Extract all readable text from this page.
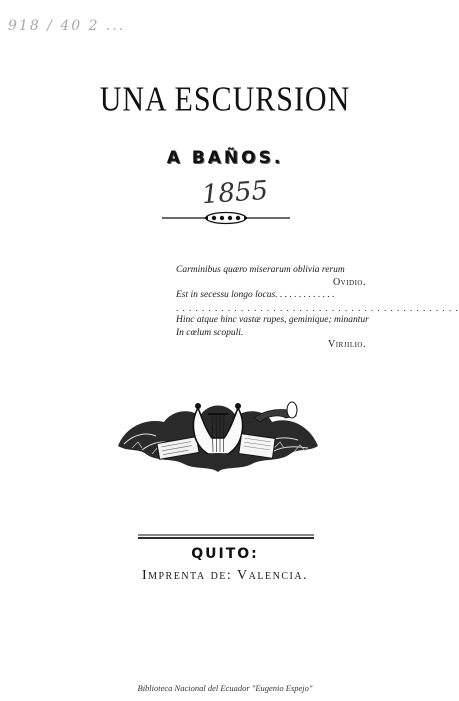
918 / 40 2 ...
UNA ESCURSION
A BAÑOS.
1855
Carminibus quæro miserarum oblivia rerum
Ovidio.
Est in secessu longo locus. . . . . . . . . . . . .
. . . . . . . . . . . . . . . . . . . . . . . . . . . . . . . . . . . . . . . . . . . .
Hinc atque hinc vastæ rupes, geminique; minantur
In cœlum scopuli.
Virjilio.
QUITO:
Imprenta de: Valencia.
Biblioteca Nacional del Ecuador "Eugenio Espejo"
